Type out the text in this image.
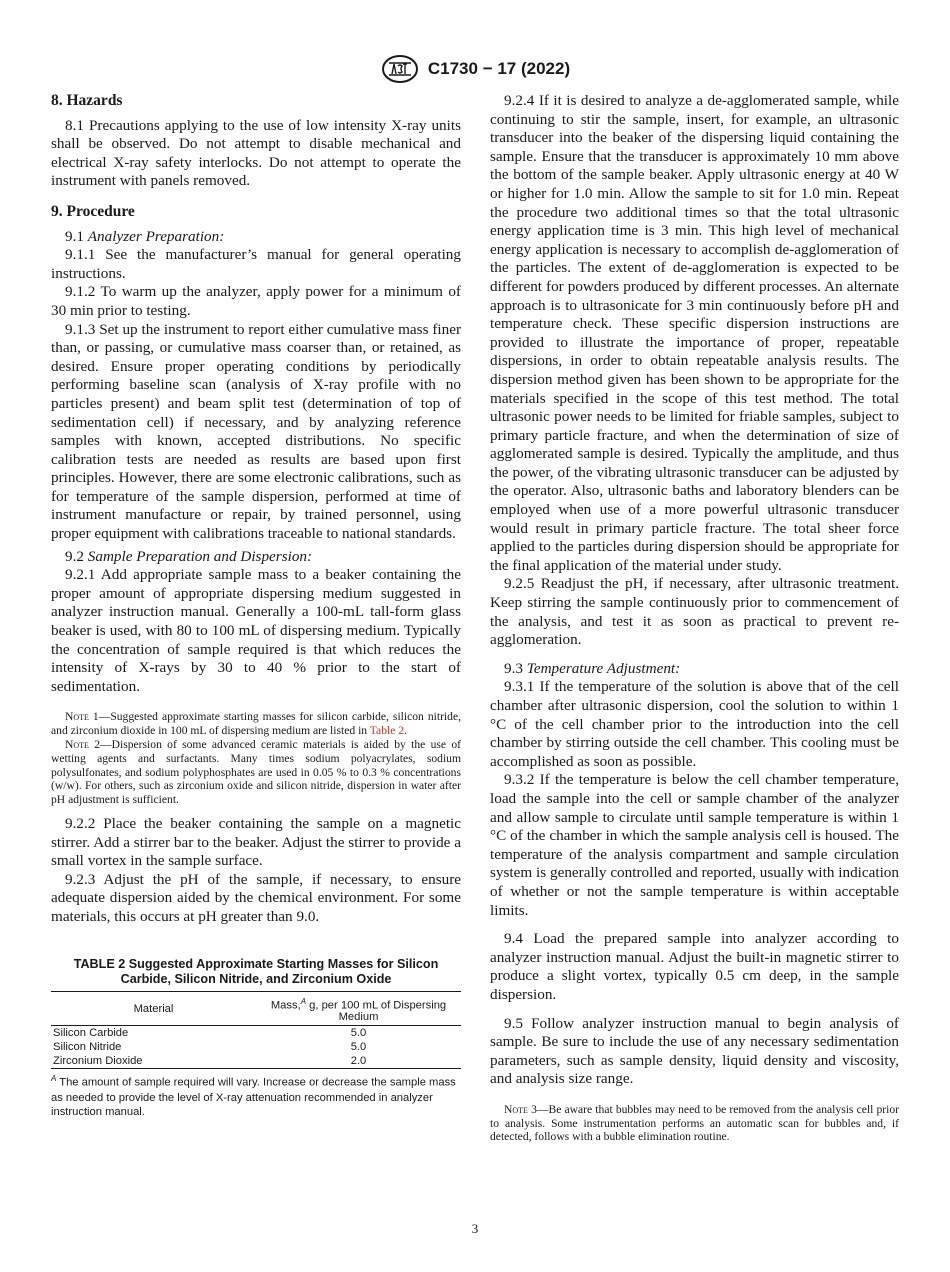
C1730 − 17 (2022)
8. Hazards

8.1 Precautions applying to the use of low intensity X-ray units shall be observed. Do not attempt to disable mechanical and electrical X-ray safety interlocks. Do not attempt to operate the instrument with panels removed.

9. Procedure

9.1 Analyzer Preparation:

9.1.1 See the manufacturer’s manual for general operating instructions.

9.1.2 To warm up the analyzer, apply power for a minimum of 30 min prior to testing.

9.1.3 Set up the instrument to report either cumulative mass finer than, or passing, or cumulative mass coarser than, or retained, as desired. Ensure proper operating conditions by periodically performing baseline scan (analysis of X-ray profile with no particles present) and beam split test (determination of top of sedimentation cell) if necessary, and by analyzing reference samples with known, accepted distributions. No specific calibration tests are needed as results are based upon first principles. However, there are some electronic calibrations, such as for temperature of the sample dispersion, performed at time of instrument manufacture or repair, by trained personnel, using proper equipment with calibrations traceable to national standards.

9.2 Sample Preparation and Dispersion:

9.2.1 Add appropriate sample mass to a beaker containing the proper amount of appropriate dispersing medium suggested in analyzer instruction manual. Generally a 100-mL tall-form glass beaker is used, with 80 to 100 mL of dispersing medium. Typically the concentration of sample required is that which reduces the intensity of X-rays by 30 to 40 % prior to the start of sedimentation.

Note 1—Suggested approximate starting masses for silicon carbide, silicon nitride, and zirconium dioxide in 100 mL of dispersing medium are listed in Table 2.
Note 2—Dispersion of some advanced ceramic materials is aided by the use of wetting agents and surfactants. Many times sodium polyacrylates, sodium polysulfonates, and sodium polyphosphates are used in 0.05 % to 0.3 % concentrations (w/w). For others, such as zirconium oxide and silicon nitride, dispersion in water after pH adjustment is sufficient.

9.2.2 Place the beaker containing the sample on a magnetic stirrer. Add a stirrer bar to the beaker. Adjust the stirrer to provide a small vortex in the sample surface.

9.2.3 Adjust the pH of the sample, if necessary, to ensure adequate dispersion aided by the chemical environment. For some materials, this occurs at pH greater than 9.0.

TABLE 2 Suggested Approximate Starting Masses for Silicon Carbide, Silicon Nitride, and Zirconium Oxide
Material	Mass,$^A$ g, per 100 mL of Dispersing Medium
Silicon Carbide	5.0
Silicon Nitride	5.0
Zirconium Dioxide	2.0
$^A$ The amount of sample required will vary. Increase or decrease the sample mass as needed to provide the level of X-ray attenuation recommended in analyzer instruction manual.

9.2.4 If it is desired to analyze a de-agglomerated sample, while continuing to stir the sample, insert, for example, an ultrasonic transducer into the beaker of the dispersing liquid containing the sample. Ensure that the transducer is approximately 10 mm above the bottom of the sample beaker. Apply ultrasonic energy at 40 W or higher for 1.0 min. Allow the sample to sit for 1.0 min. Repeat the procedure two additional times so that the total ultrasonic energy application time is 3 min. This high level of mechanical energy application is necessary to accomplish de-agglomeration of the particles. The extent of de-agglomeration is expected to be different for powders produced by different processes. An alternate approach is to ultrasonicate for 3 min continuously before pH and temperature check. These specific dispersion instructions are provided to illustrate the importance of proper, repeatable dispersions, in order to obtain repeatable analysis results. The dispersion method given has been shown to be appropriate for the materials specified in the scope of this test method. The total ultrasonic power needs to be limited for friable samples, subject to primary particle fracture, and when the determination of size of agglomerated sample is desired. Typically the amplitude, and thus the power, of the vibrating ultrasonic transducer can be adjusted by the operator. Also, ultrasonic baths and laboratory blenders can be employed when use of a more powerful ultrasonic transducer would result in primary particle fracture. The total sheer force applied to the particles during dispersion should be appropriate for the final application of the material under study.

9.2.5 Readjust the pH, if necessary, after ultrasonic treatment. Keep stirring the sample continuously prior to commencement of the analysis, and test it as soon as practical to prevent re-agglomeration.

9.3 Temperature Adjustment:

9.3.1 If the temperature of the solution is above that of the cell chamber after ultrasonic dispersion, cool the solution to within 1 °C of the cell chamber prior to the introduction into the cell chamber by stirring outside the cell chamber. This cooling must be accomplished as soon as possible.

9.3.2 If the temperature is below the cell chamber temperature, load the sample into the cell or sample chamber of the analyzer and allow sample to circulate until sample temperature is within 1 °C of the chamber in which the sample analysis cell is housed. The temperature of the analysis compartment and sample circulation system is generally controlled and reported, usually with indication of whether or not the sample temperature is within acceptable limits.

9.4 Load the prepared sample into analyzer according to analyzer instruction manual. Adjust the built-in magnetic stirrer to produce a slight vortex, typically 0.5 cm deep, in the sample dispersion.

9.5 Follow analyzer instruction manual to begin analysis of sample. Be sure to include the use of any necessary sedimentation parameters, such as sample density, liquid density and viscosity, and analysis size range.

Note 3—Be aware that bubbles may need to be removed from the analysis cell prior to analysis. Some instrumentation performs an automatic scan for bubbles and, if detected, follows with a bubble elimination routine.
3
